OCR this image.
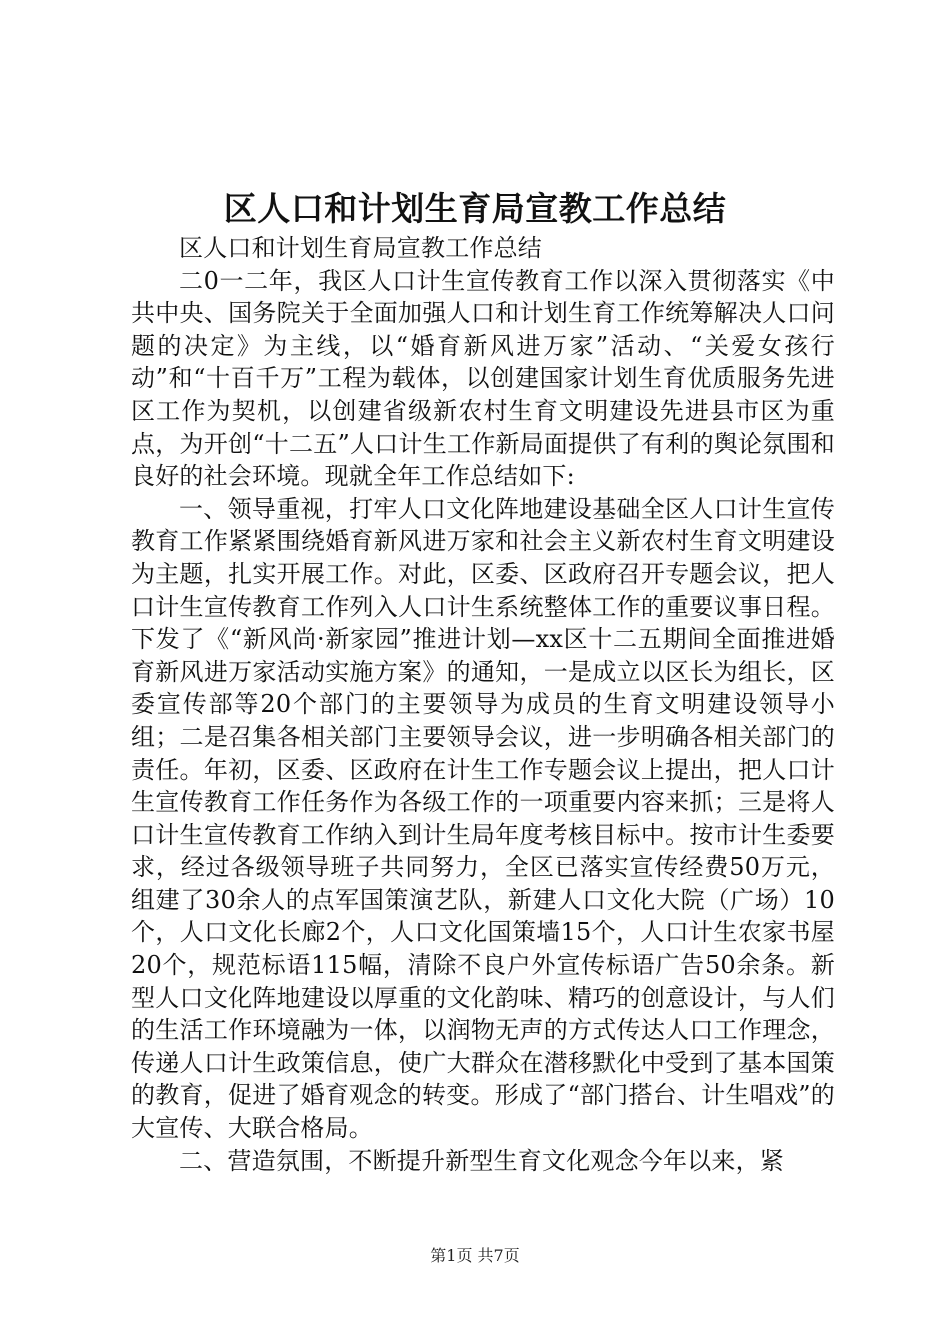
区人口和计划生育局宣教工作总结

区人口和计划生育局宣教工作总结

二0一二年，我区人口计生宣传教育工作以深入贯彻落实《中共中央、国务院关于全面加强人口和计划生育工作统筹解决人口问题的决定》为主线，以“婚育新风进万家”活动、“关爱女孩行动”和“十百千万”工程为载体，以创建国家计划生育优质服务先进区工作为契机，以创建省级新农村生育文明建设先进县市区为重点，为开创“十二五”人口计生工作新局面提供了有利的舆论氛围和良好的社会环境。现就全年工作总结如下:

一、领导重视，打牢人口文化阵地建设基础全区人口计生宣传教育工作紧紧围绕婚育新风进万家和社会主义新农村生育文明建设为主题，扎实开展工作。对此，区委、区政府召开专题会议，把人口计生宣传教育工作列入人口计生系统整体工作的重要议事日程。下发了《“新风尚·新家园”推进计划—xx区十二五期间全面推进婚育新风进万家活动实施方案》的通知，一是成立以区长为组长，区委宣传部等20个部门的主要领导为成员的生育文明建设领导小组；二是召集各相关部门主要领导会议，进一步明确各相关部门的责任。年初，区委、区政府在计生工作专题会议上提出，把人口计生宣传教育工作任务作为各级工作的一项重要内容来抓；三是将人口计生宣传教育工作纳入到计生局年度考核目标中。按市计生委要求，经过各级领导班子共同努力，全区已落实宣传经费50万元，组建了30余人的点军国策演艺队，新建人口文化大院（广场）10个，人口文化长廊2个，人口文化国策墙15个，人口计生农家书屋20个，规范标语115幅，清除不良户外宣传标语广告50余条。新型人口文化阵地建设以厚重的文化韵味、精巧的创意设计，与人们的生活工作环境融为一体，以润物无声的方式传达人口工作理念，传递人口计生政策信息，使广大群众在潜移默化中受到了基本国策的教育，促进了婚育观念的转变。形成了“部门搭台、计生唱戏”的大宣传、大联合格局。

二、营造氛围，不断提升新型生育文化观念今年以来，紧

第1页 共7页
